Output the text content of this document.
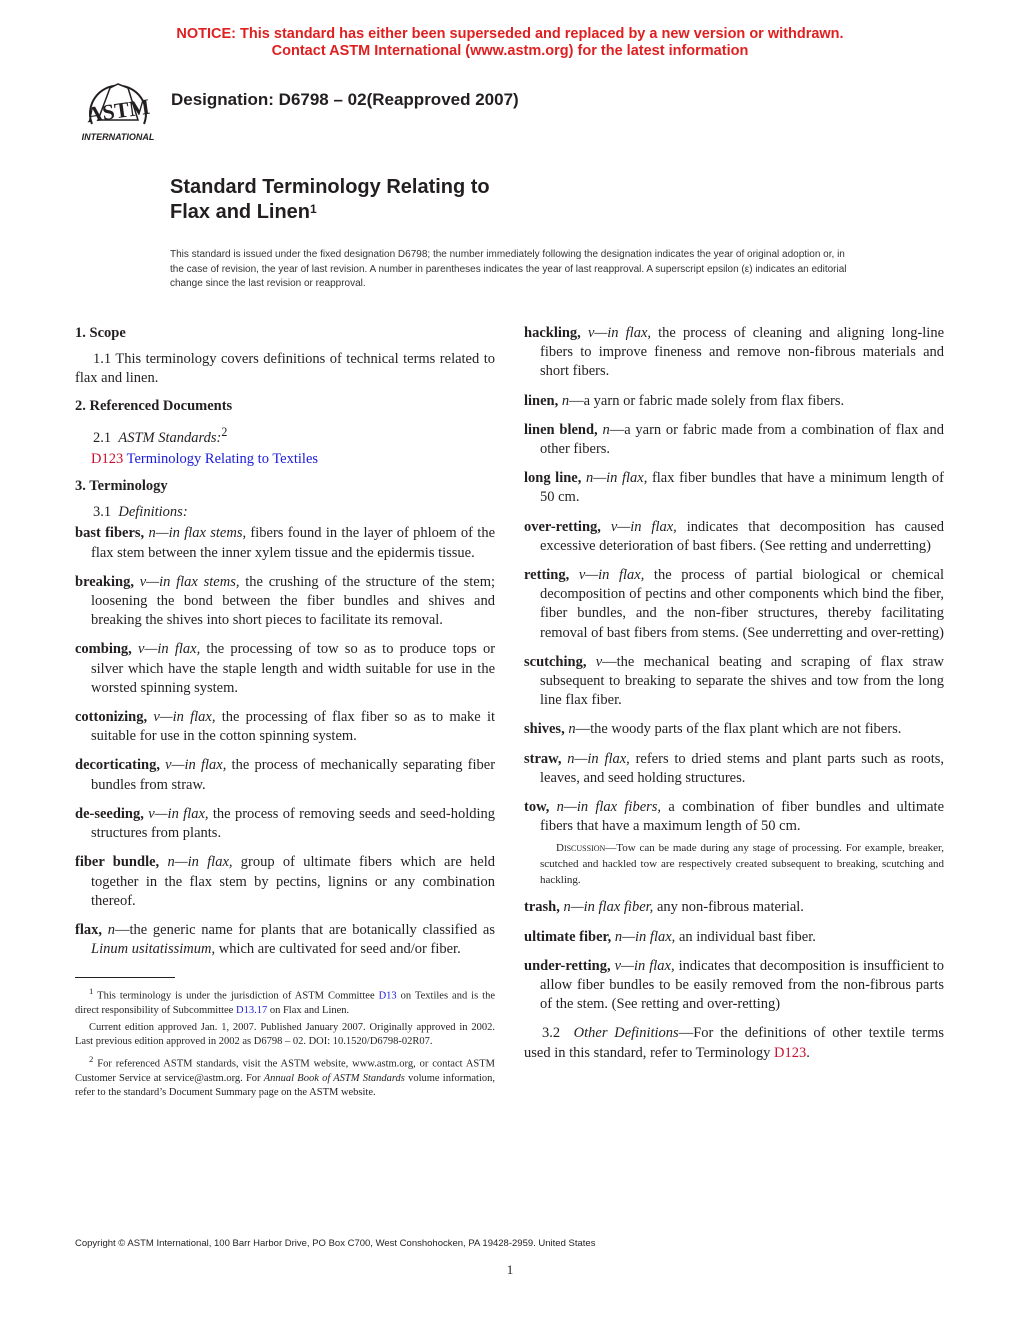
NOTICE: This standard has either been superseded and replaced by a new version or withdrawn.
Contact ASTM International (www.astm.org) for the latest information
ASTM
INTERNATIONAL
Designation: D6798 – 02(Reapproved 2007)
Standard Terminology Relating to
Flax and Linen$^1$
This standard is issued under the fixed designation D6798; the number immediately following the designation indicates the year of original adoption or, in the case of revision, the year of last revision. A number in parentheses indicates the year of last reapproval. A superscript epsilon (ε) indicates an editorial change since the last revision or reapproval.
1. Scope
1.1 This terminology covers definitions of technical terms related to flax and linen.
2. Referenced Documents
2.1 ASTM Standards:$^2$
D123 Terminology Relating to Textiles
3. Terminology
3.1 Definitions:
bast fibers, n—in flax stems, fibers found in the layer of phloem of the flax stem between the inner xylem tissue and the epidermis tissue.
breaking, v—in flax stems, the crushing of the structure of the stem; loosening the bond between the fiber bundles and shives and breaking the shives into short pieces to facilitate its removal.
combing, v—in flax, the processing of tow so as to produce tops or silver which have the staple length and width suitable for use in the worsted spinning system.
cottonizing, v—in flax, the processing of flax fiber so as to make it suitable for use in the cotton spinning system.
decorticating, v—in flax, the process of mechanically separating fiber bundles from straw.
de-seeding, v—in flax, the process of removing seeds and seed-holding structures from plants.
fiber bundle, n—in flax, group of ultimate fibers which are held together in the flax stem by pectins, lignins or any combination thereof.
flax, n—the generic name for plants that are botanically classified as Linum usitatissimum, which are cultivated for seed and/or fiber.
$^1$ This terminology is under the jurisdiction of ASTM Committee D13 on Textiles and is the direct responsibility of Subcommittee D13.17 on Flax and Linen.
Current edition approved Jan. 1, 2007. Published January 2007. Originally approved in 2002. Last previous edition approved in 2002 as D6798 – 02. DOI: 10.1520/D6798-02R07.
$^2$ For referenced ASTM standards, visit the ASTM website, www.astm.org, or contact ASTM Customer Service at service@astm.org. For Annual Book of ASTM Standards volume information, refer to the standard’s Document Summary page on the ASTM website.
hackling, v—in flax, the process of cleaning and aligning long-line fibers to improve fineness and remove non-fibrous materials and short fibers.
linen, n—a yarn or fabric made solely from flax fibers.
linen blend, n—a yarn or fabric made from a combination of flax and other fibers.
long line, n—in flax, flax fiber bundles that have a minimum length of 50 cm.
over-retting, v—in flax, indicates that decomposition has caused excessive deterioration of bast fibers. (See retting and underretting)
retting, v—in flax, the process of partial biological or chemical decomposition of pectins and other components which bind the fiber, fiber bundles, and the non-fiber structures, thereby facilitating removal of bast fibers from stems. (See underretting and over-retting)
scutching, v—the mechanical beating and scraping of flax straw subsequent to breaking to separate the shives and tow from the long line flax fiber.
shives, n—the woody parts of the flax plant which are not fibers.
straw, n—in flax, refers to dried stems and plant parts such as roots, leaves, and seed holding structures.
tow, n—in flax fibers, a combination of fiber bundles and ultimate fibers that have a maximum length of 50 cm.
Discussion—Tow can be made during any stage of processing. For example, breaker, scutched and hackled tow are respectively created subsequent to breaking, scutching and hackling.
trash, n—in flax fiber, any non-fibrous material.
ultimate fiber, n—in flax, an individual bast fiber.
under-retting, v—in flax, indicates that decomposition is insufficient to allow fiber bundles to be easily removed from the non-fibrous parts of the stem. (See retting and over-retting)
3.2 Other Definitions—For the definitions of other textile terms used in this standard, refer to Terminology D123.
Copyright © ASTM International, 100 Barr Harbor Drive, PO Box C700, West Conshohocken, PA 19428-2959. United States
1
